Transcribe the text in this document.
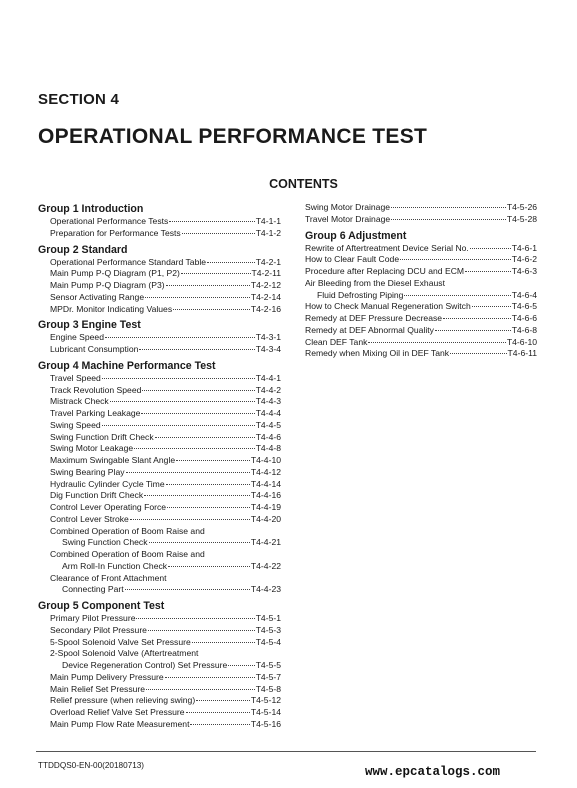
SECTION 4
OPERATIONAL PERFORMANCE TEST
CONTENTS
Group 1 Introduction
Operational Performance Tests	T4-1-1
Preparation for Performance Tests	T4-1-2
Group 2 Standard
Operational Performance Standard Table	T4-2-1
Main Pump P-Q Diagram (P1, P2)	T4-2-11
Main Pump P-Q Diagram (P3)	T4-2-12
Sensor Activating Range	T4-2-14
MPDr. Monitor Indicating Values	T4-2-16
Group 3 Engine Test
Engine Speed	T4-3-1
Lubricant Consumption	T4-3-4
Group 4 Machine Performance Test
Travel Speed	T4-4-1
Track Revolution Speed	T4-4-2
Mistrack Check	T4-4-3
Travel Parking Leakage	T4-4-4
Swing Speed	T4-4-5
Swing Function Drift Check	T4-4-6
Swing Motor Leakage	T4-4-8
Maximum Swingable Slant Angle	T4-4-10
Swing Bearing Play	T4-4-12
Hydraulic Cylinder Cycle Time	T4-4-14
Dig Function Drift Check	T4-4-16
Control Lever Operating Force	T4-4-19
Control Lever Stroke	T4-4-20
Combined Operation of Boom Raise and
Swing Function Check	T4-4-21
Combined Operation of Boom Raise and
Arm Roll-In Function Check	T4-4-22
Clearance of Front Attachment
Connecting Part	T4-4-23
Group 5 Component Test
Primary Pilot Pressure	T4-5-1
Secondary Pilot Pressure	T4-5-3
5-Spool Solenoid Valve Set Pressure	T4-5-4
2-Spool Solenoid Valve (Aftertreatment
Device Regeneration Control) Set Pressure	T4-5-5
Main Pump Delivery Pressure	T4-5-7
Main Relief Set Pressure	T4-5-8
Relief pressure (when relieving swing)	T4-5-12
Overload Relief Valve Set Pressure	T4-5-14
Main Pump Flow Rate Measurement	T4-5-16
Swing Motor Drainage	T4-5-26
Travel Motor Drainage	T4-5-28
Group 6 Adjustment
Rewrite of Aftertreatment Device Serial No.	T4-6-1
How to Clear Fault Code	T4-6-2
Procedure after Replacing DCU and ECM	T4-6-3
Air Bleeding from the Diesel Exhaust
Fluid Defrosting Piping	T4-6-4
How to Check Manual Regeneration Switch	T4-6-5
Remedy at DEF Pressure Decrease	T4-6-6
Remedy at DEF Abnormal Quality	T4-6-8
Clean DEF Tank	T4-6-10
Remedy when Mixing Oil in DEF Tank	T4-6-11
TTDDQS0-EN-00(20180713)	www.epcatalogs.com
